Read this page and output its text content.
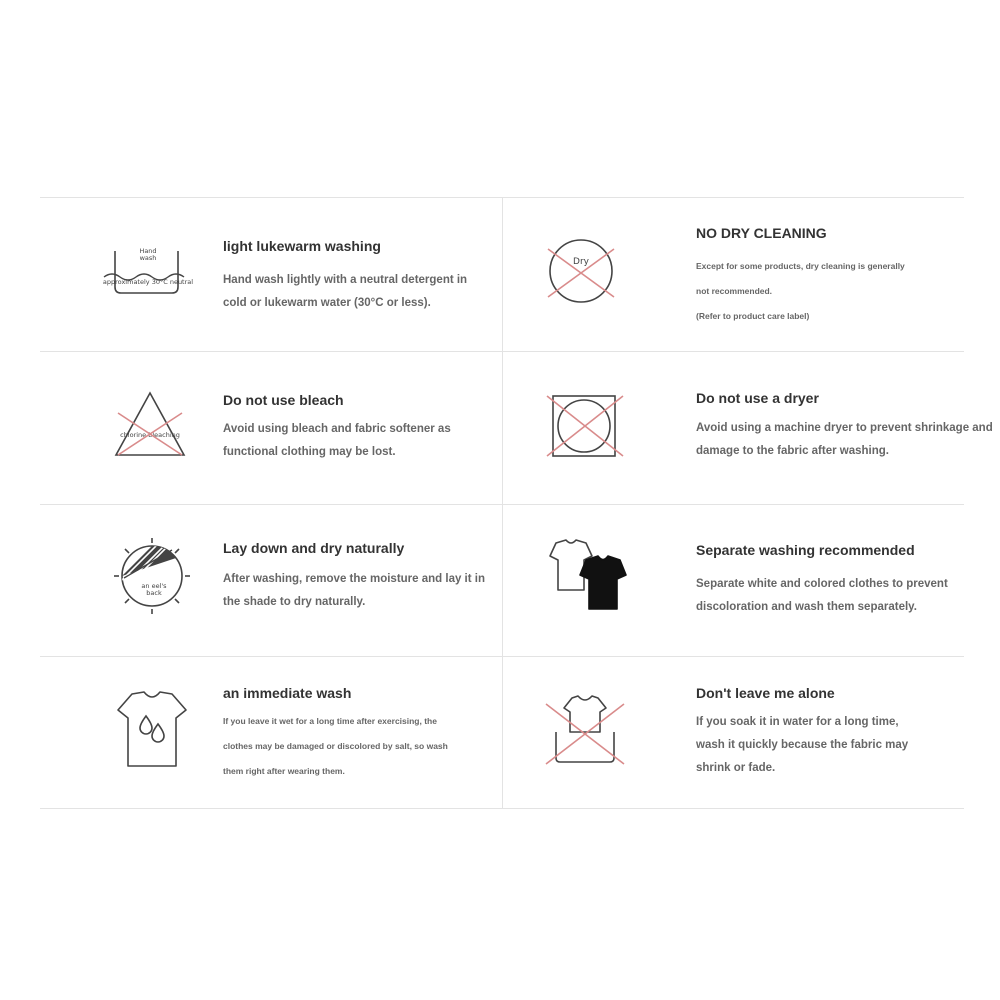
Hand
wash
approximately 30°C neutral
light lukewarm washing
Hand wash lightly with a neutral detergent in
cold or lukewarm water (30°C or less).
Dry
NO DRY CLEANING
Except for some products, dry cleaning is generally
not recommended.
(Refer to product care label)
chlorine bleaching
Do not use bleach
Avoid using bleach and fabric softener as
functional clothing may be lost.
Do not use a dryer
Avoid using a machine dryer to prevent shrinkage and
damage to the fabric after washing.
an eel's
back
Lay down and dry naturally
After washing, remove the moisture and lay it in
the shade to dry naturally.
Separate washing recommended
Separate white and colored clothes to prevent
discoloration and wash them separately.
an immediate wash
If you leave it wet for a long time after exercising, the
clothes may be damaged or discolored by salt, so wash
them right after wearing them.
Don't leave me alone
If you soak it in water for a long time,
wash it quickly because the fabric may
shrink or fade.
